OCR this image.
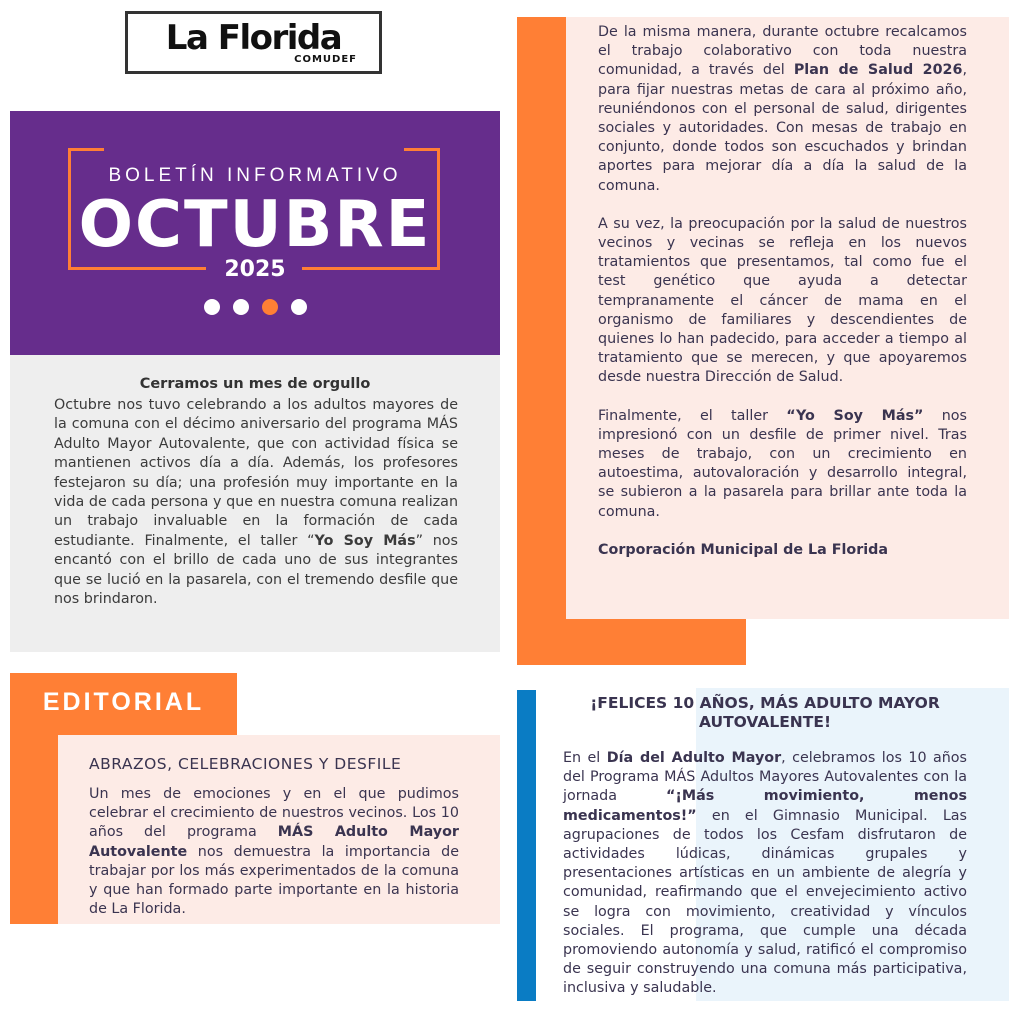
La Florida
COMUDEF
BOLETÍN INFORMATIVO
OCTUBRE
2025
Cerramos un mes de orgullo

Octubre nos tuvo celebrando a los adultos mayores de la comuna con el décimo aniversario del programa MÁS Adulto Mayor Autovalente, que con actividad física se mantienen activos día a día. Además, los profesores festejaron su día; una profesión muy importante en la vida de cada persona y que en nuestra comuna realizan un trabajo invaluable en la formación de cada estudiante. Finalmente, el taller “Yo Soy Más” nos encantó con el brillo de cada uno de sus integrantes que se lució en la pasarela, con el tremendo desfile que nos brindaron.

EDITORIAL
ABRAZOS, CELEBRACIONES Y DESFILE

Un mes de emociones y en el que pudimos celebrar el crecimiento de nuestros vecinos. Los 10 años del programa MÁS Adulto Mayor Autovalente nos demuestra la importancia de trabajar por los más experimentados de la comuna y que han formado parte importante en la historia de La Florida.

De la misma manera, durante octubre recalcamos el trabajo colaborativo con toda nuestra comunidad, a través del Plan de Salud 2026, para fijar nuestras metas de cara al próximo año, reuniéndonos con el personal de salud, dirigentes sociales y autoridades. Con mesas de trabajo en conjunto, donde todos son escuchados y brindan aportes para mejorar día a día la salud de la comuna.

A su vez, la preocupación por la salud de nuestros vecinos y vecinas se refleja en los nuevos tratamientos que presentamos, tal como fue el test genético que ayuda a detectar tempranamente el cáncer de mama en el organismo de familiares y descendientes de quienes lo han padecido, para acceder a tiempo al tratamiento que se merecen, y que apoyaremos desde nuestra Dirección de Salud.

Finalmente, el taller “Yo Soy Más” nos impresionó con un desfile de primer nivel. Tras meses de trabajo, con un crecimiento en autoestima, autovaloración y desarrollo integral, se subieron a la pasarela para brillar ante toda la comuna.

Corporación Municipal de La Florida

¡FELICES 10 AÑOS, MÁS ADULTO MAYOR AUTOVALENTE!

En el Día del Adulto Mayor, celebramos los 10 años del Programa MÁS Adultos Mayores Autovalentes con la jornada “¡Más movimiento, menos medicamentos!” en el Gimnasio Municipal. Las agrupaciones de todos los Cesfam disfrutaron de actividades lúdicas, dinámicas grupales y presentaciones artísticas en un ambiente de alegría y comunidad, reafirmando que el envejecimiento activo se logra con movimiento, creatividad y vínculos sociales. El programa, que cumple una década promoviendo autonomía y salud, ratificó el compromiso de seguir construyendo una comuna más participativa, inclusiva y saludable.
